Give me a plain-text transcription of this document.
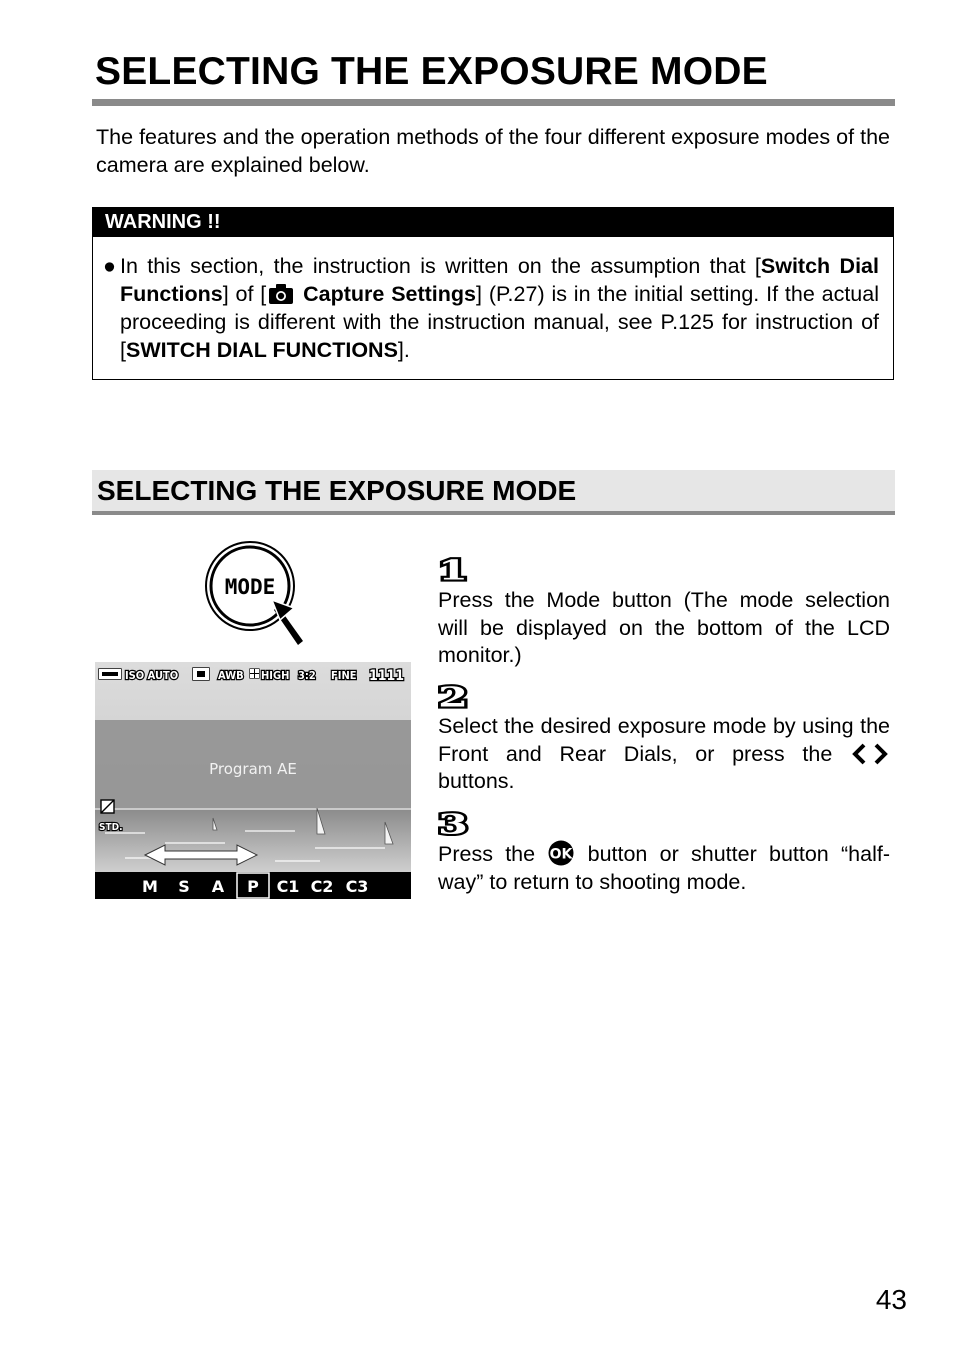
SELECTING THE EXPOSURE MODE

The features and the operation methods of the four different exposure modes of the camera are explained below.

WARNING !!
● In this section, the instruction is written on the assumption that [Switch Dial Functions] of [ Capture Settings] (P.27) is in the initial setting. If the actual proceeding is different with the instruction manual, see P.125 for instruction of [SWITCH DIAL FUNCTIONS].
SELECTING THE EXPOSURE MODE
MODE
Program AE
ISO AUTO	AWB HIGH 3:2 FINE 1111
STD.
M S A P C1 C2 C3
1
Press the Mode button (The mode selection will be displayed on the bottom of the LCD monitor.)
2
Select the desired exposure mode by using the Front and Rear Dials, or press the  buttons.
3
Press the OK button or shutter button “half-way” to return to shooting mode.

43
